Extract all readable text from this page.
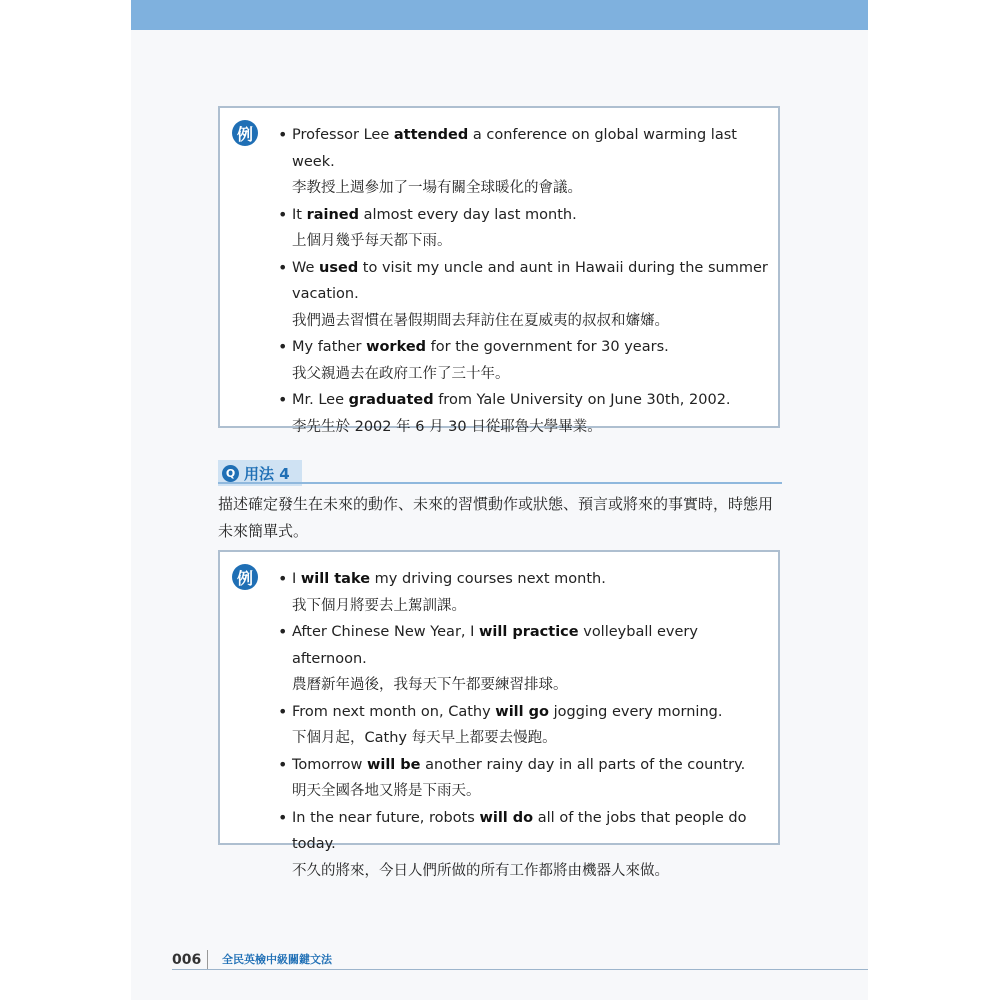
例	• Professor Lee attended a conference on global warming last week.
李教授上週參加了一場有關全球暖化的會議。
• It rained almost every day last month.
上個月幾乎每天都下雨。
• We used to visit my uncle and aunt in Hawaii during the summer vacation.
我們過去習慣在暑假期間去拜訪住在夏威夷的叔叔和嬸嬸。
• My father worked for the government for 30 years.
我父親過去在政府工作了三十年。
• Mr. Lee graduated from Yale University on June 30th, 2002.
李先生於 2002 年 6 月 30 日從耶魯大學畢業。
Q 用法 4

描述確定發生在未來的動作、未來的習慣動作或狀態、預言或將來的事實時，時態用未來簡單式。

例	• I will take my driving courses next month.
我下個月將要去上駕訓課。
• After Chinese New Year, I will practice volleyball every afternoon.
農曆新年過後，我每天下午都要練習排球。
• From next month on, Cathy will go jogging every morning.
下個月起，Cathy 每天早上都要去慢跑。
• Tomorrow will be another rainy day in all parts of the country.
明天全國各地又將是下雨天。
• In the near future, robots will do all of the jobs that people do today.
不久的將來，今日人們所做的所有工作都將由機器人來做。
006	全民英檢中級關鍵文法
